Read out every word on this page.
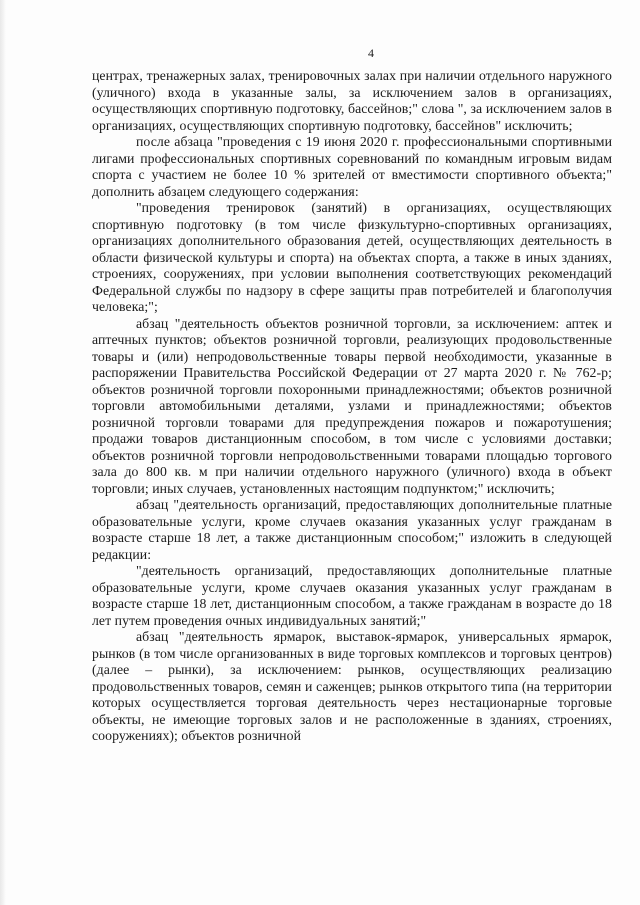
4

центрах, тренажерных залах, тренировочных залах при наличии отдельного наружного (уличного) входа в указанные залы, за исключением залов в организациях, осуществляющих спортивную подготовку, бассейнов;" слова ", за исключением залов в организациях, осуществляющих спортивную подготовку, бассейнов" исключить;

после абзаца "проведения с 19 июня 2020 г. профессиональными спортивными лигами профессиональных спортивных соревнований по командным игровым видам спорта с участием не более 10 % зрителей от вместимости спортивного объекта;" дополнить абзацем следующего содержания:

"проведения тренировок (занятий) в организациях, осуществляющих спортивную подготовку (в том числе физкультурно-спортивных организациях, организациях дополнительного образования детей, осуществляющих деятельность в области физической культуры и спорта) на объектах спорта, а также в иных зданиях, строениях, сооружениях, при условии выполнения соответствующих рекомендаций Федеральной службы по надзору в сфере защиты прав потребителей и благополучия человека;";

абзац "деятельность объектов розничной торговли, за исключением: аптек и аптечных пунктов; объектов розничной торговли, реализующих продовольственные товары и (или) непродовольственные товары первой необходимости, указанные в распоряжении Правительства Российской Федерации от 27 марта 2020 г. № 762-р; объектов розничной торговли похоронными принадлежностями; объектов розничной торговли автомобильными деталями, узлами и принадлежностями; объектов розничной торговли товарами для предупреждения пожаров и пожаротушения; продажи товаров дистанционным способом, в том числе с условиями доставки; объектов розничной торговли непродовольственными товарами площадью торгового зала до 800 кв. м при наличии отдельного наружного (уличного) входа в объект торговли; иных случаев, установленных настоящим подпунктом;" исключить;

абзац "деятельность организаций, предоставляющих дополнительные платные образовательные услуги, кроме случаев оказания указанных услуг гражданам в возрасте старше 18 лет, а также дистанционным способом;" изложить в следующей редакции:

"деятельность организаций, предоставляющих дополнительные платные образовательные услуги, кроме случаев оказания указанных услуг гражданам в возрасте старше 18 лет, дистанционным способом, а также гражданам в возрасте до 18 лет путем проведения очных индивидуальных занятий;"

абзац "деятельность ярмарок, выставок-ярмарок, универсальных ярмарок, рынков (в том числе организованных в виде торговых комплексов и торговых центров) (далее – рынки), за исключением: рынков, осуществляющих реализацию продовольственных товаров, семян и саженцев; рынков открытого типа (на территории которых осуществляется торговая деятельность через нестационарные торговые объекты, не имеющие торговых залов и не расположенные в зданиях, строениях, сооружениях); объектов розничной
